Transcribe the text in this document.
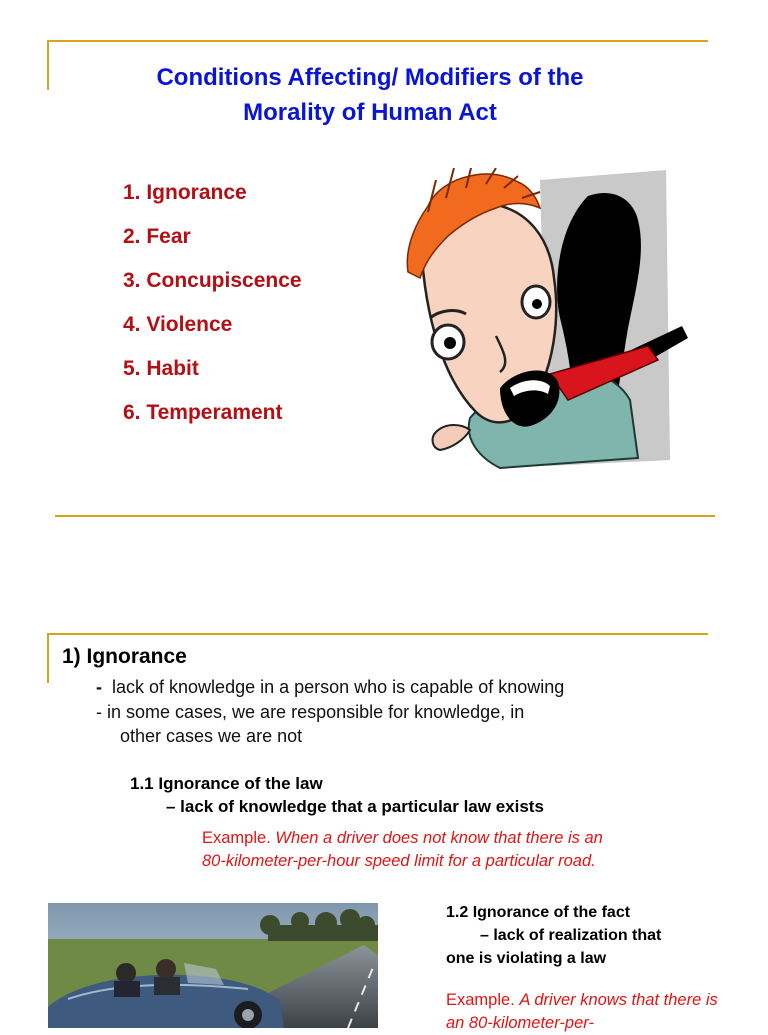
Conditions Affecting/ Modifiers of the
Morality of Human Act
1. Ignorance
2. Fear
3. Concupiscence
4. Violence
5. Habit
6. Temperament
1) Ignorance
- lack of knowledge in a person who is capable of knowing
- in some cases, we are responsible for knowledge, in
other cases we are not
1.1 Ignorance of the law
– lack of knowledge that a particular law exists
Example. When a driver does not know that there is an 80-kilometer-per-hour speed limit for a particular road.
1.2 Ignorance of the fact
– lack of realization that
one is violating a law
Example. A driver knows that there is an 80-kilometer-per-
